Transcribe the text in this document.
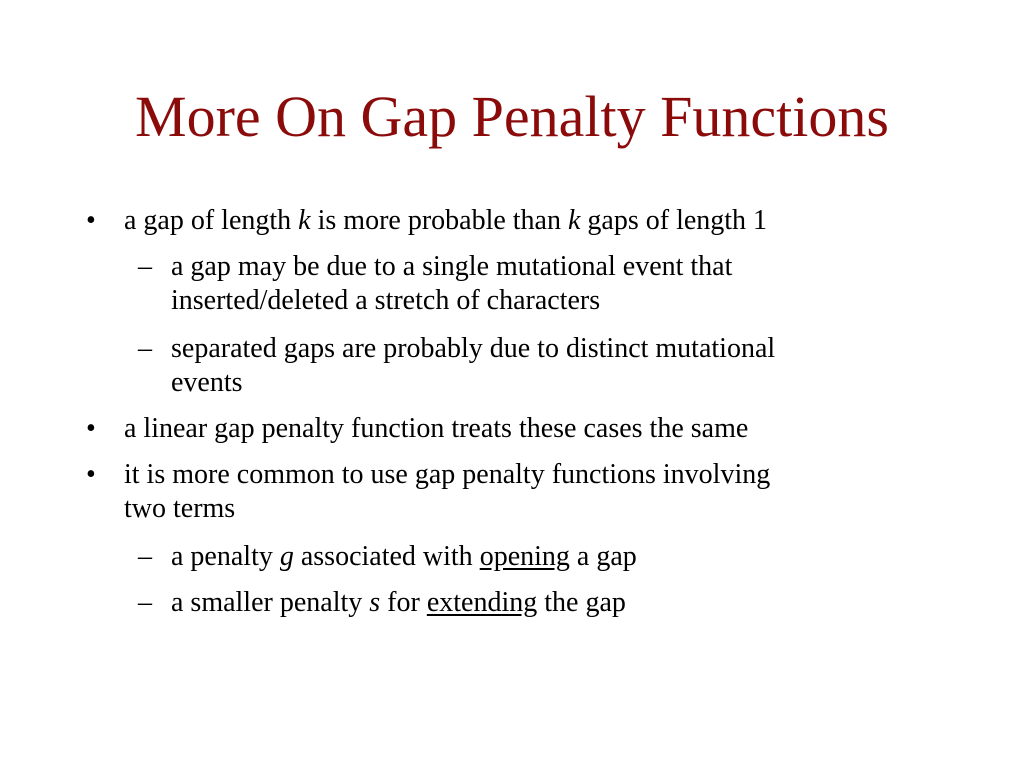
More On Gap Penalty Functions
• a gap of length k is more probable than k gaps of length 1
– a gap may be due to a single mutational event that
inserted/deleted a stretch of characters
– separated gaps are probably due to distinct mutational
events
• a linear gap penalty function treats these cases the same
• it is more common to use gap penalty functions involving
two terms
– a penalty g associated with opening a gap
– a smaller penalty s for extending the gap
